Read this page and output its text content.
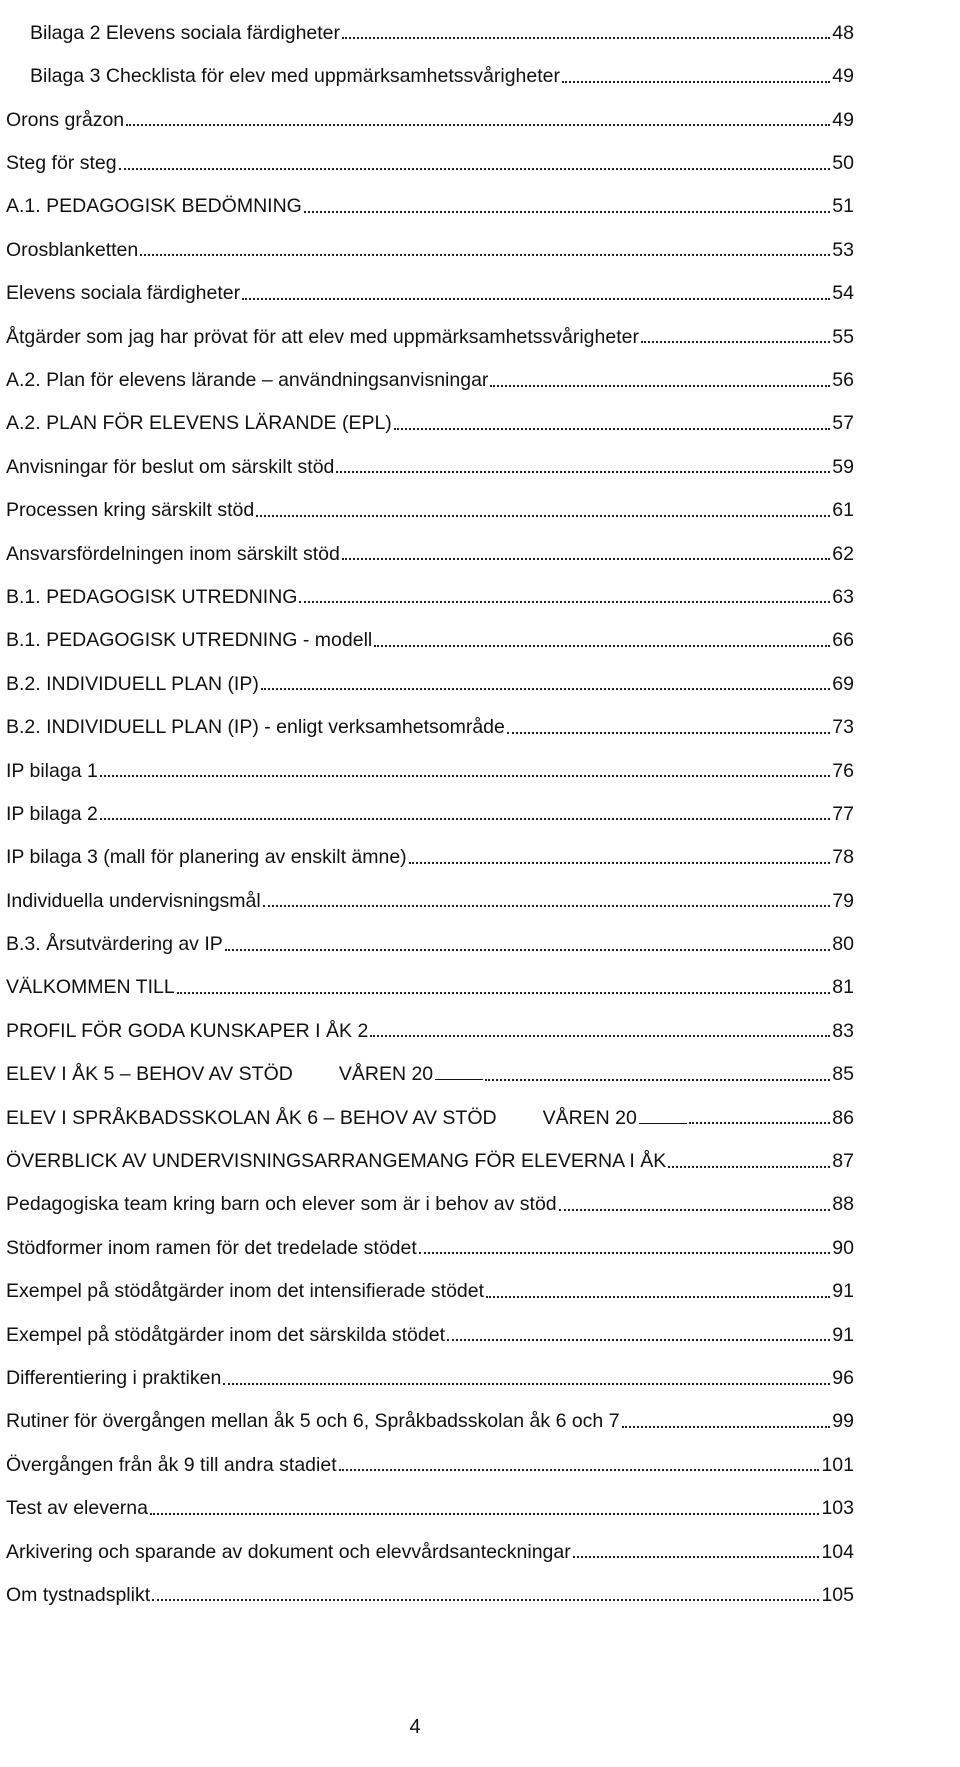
Bilaga 2 Elevens sociala färdigheter	48
Bilaga 3 Checklista för elev med uppmärksamhetssvårigheter	49
Orons gråzon	49
Steg för steg	50
A.1. PEDAGOGISK BEDÖMNING	51
Orosblanketten	53
Elevens sociala färdigheter	54
Åtgärder som jag har prövat för att elev med uppmärksamhetssvårigheter	55
A.2. Plan för elevens lärande – användningsanvisningar	56
A.2. PLAN FÖR ELEVENS LÄRANDE (EPL)	57
Anvisningar för beslut om särskilt stöd	59
Processen kring särskilt stöd	61
Ansvarsfördelningen inom särskilt stöd	62
B.1. PEDAGOGISK UTREDNING	63
B.1. PEDAGOGISK UTREDNING - modell	66
B.2. INDIVIDUELL PLAN (IP)	69
B.2. INDIVIDUELL PLAN (IP) - enligt verksamhetsområde	73
IP bilaga 1	76
IP bilaga 2	77
IP bilaga 3 (mall för planering av enskilt ämne)	78
Individuella undervisningsmål	79
B.3. Årsutvärdering av IP	80
VÄLKOMMEN TILL	81
PROFIL FÖR GODA KUNSKAPER I ÅK 2	83
ELEV I ÅK 5 – BEHOV AV STÖD VÅREN 20	85
ELEV I SPRÅKBADSSKOLAN ÅK 6 – BEHOV AV STÖD VÅREN 20	86
ÖVERBLICK AV UNDERVISNINGSARRANGEMANG FÖR ELEVERNA I ÅK	87
Pedagogiska team kring barn och elever som är i behov av stöd	88
Stödformer inom ramen för det tredelade stödet	90
Exempel på stödåtgärder inom det intensifierade stödet	91
Exempel på stödåtgärder inom det särskilda stödet	91
Differentiering i praktiken	96
Rutiner för övergången mellan åk 5 och 6, Språkbadsskolan åk 6 och 7	99
Övergången från åk 9 till andra stadiet	101
Test av eleverna	103
Arkivering och sparande av dokument och elevvårdsanteckningar	104
Om tystnadsplikt	105
4
